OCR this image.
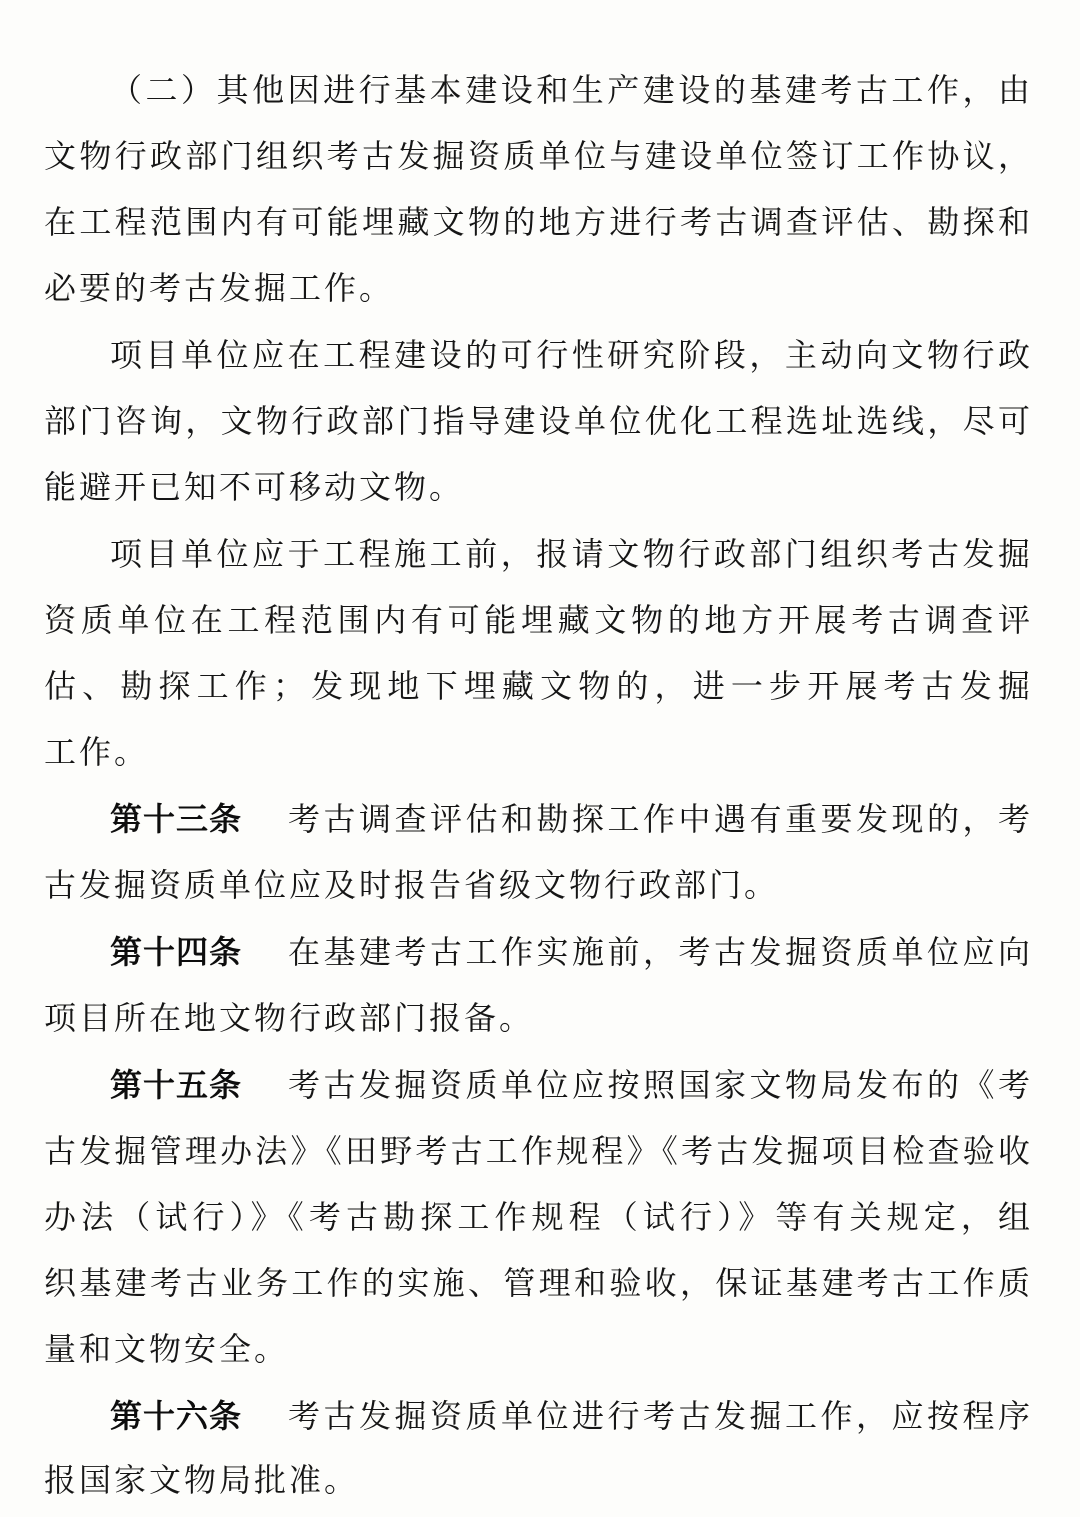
（二）其他因进行基本建设和生产建设的基建考古工作，由
文物行政部门组织考古发掘资质单位与建设单位签订工作协议，
在工程范围内有可能埋藏文物的地方进行考古调查评估、勘探和
必要的考古发掘工作。
项目单位应在工程建设的可行性研究阶段，主动向文物行政
部门咨询，文物行政部门指导建设单位优化工程选址选线，尽可
能避开已知不可移动文物。
项目单位应于工程施工前，报请文物行政部门组织考古发掘
资质单位在工程范围内有可能埋藏文物的地方开展考古调查评
估、勘探工作；发现地下埋藏文物的，进一步开展考古发掘
工作。
第十三条 考古调查评估和勘探工作中遇有重要发现的，考
古发掘资质单位应及时报告省级文物行政部门。
第十四条 在基建考古工作实施前，考古发掘资质单位应向
项目所在地文物行政部门报备。
第十五条 考古发掘资质单位应按照国家文物局发布的《考
古发掘管理办法》《田野考古工作规程》《考古发掘项目检查验收
办法（试行）》《考古勘探工作规程（试行）》等有关规定，组
织基建考古业务工作的实施、管理和验收，保证基建考古工作质
量和文物安全。
第十六条 考古发掘资质单位进行考古发掘工作，应按程序
报国家文物局批准。
